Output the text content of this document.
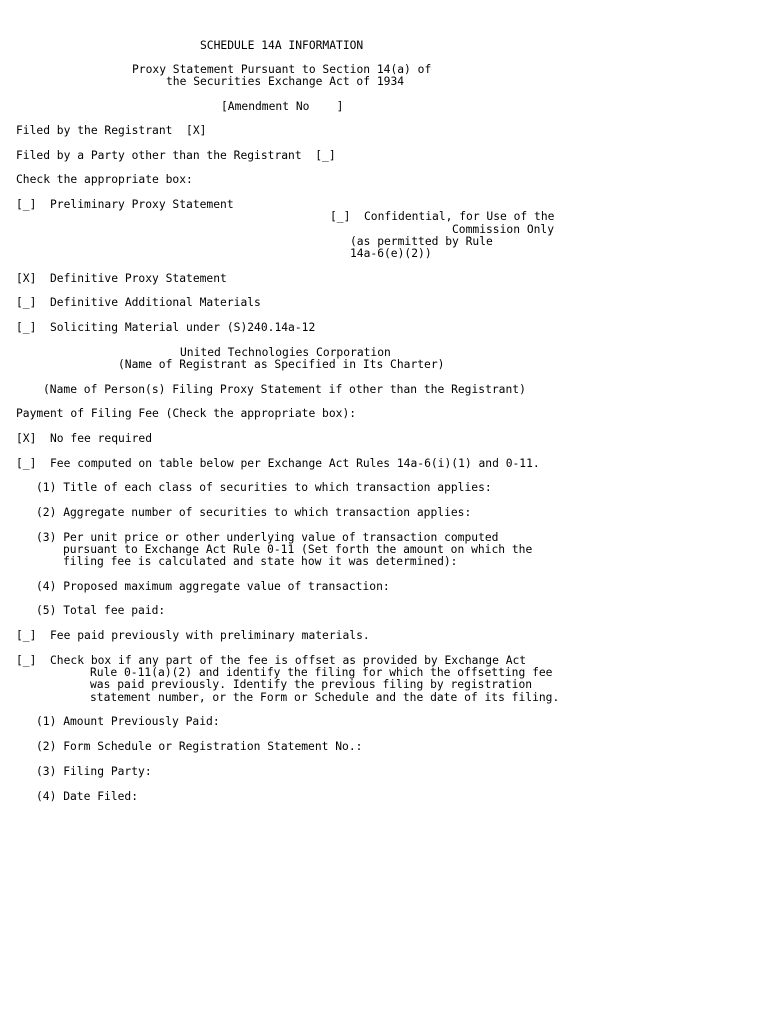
SCHEDULE 14A INFORMATION
Proxy Statement Pursuant to Section 14(a) of
the Securities Exchange Act of 1934
[Amendment No    ]
Filed by the Registrant  [X]
Filed by a Party other than the Registrant  [_]
Check the appropriate box:
[_]  Preliminary Proxy Statement
[_]  Confidential, for Use of the
Commission Only
(as permitted by Rule
14a-6(e)(2))
[X]  Definitive Proxy Statement
[_]  Definitive Additional Materials
[_]  Soliciting Material under (S)240.14a-12
United Technologies Corporation
(Name of Registrant as Specified in Its Charter)
(Name of Person(s) Filing Proxy Statement if other than the Registrant)
Payment of Filing Fee (Check the appropriate box):
[X]  No fee required
[_]  Fee computed on table below per Exchange Act Rules 14a-6(i)(1) and 0-11.
(1) Title of each class of securities to which transaction applies:
(2) Aggregate number of securities to which transaction applies:
(3) Per unit price or other underlying value of transaction computed
pursuant to Exchange Act Rule 0-11 (Set forth the amount on which the
filing fee is calculated and state how it was determined):
(4) Proposed maximum aggregate value of transaction:
(5) Total fee paid:
[_]  Fee paid previously with preliminary materials.
[_]  Check box if any part of the fee is offset as provided by Exchange Act
Rule 0-11(a)(2) and identify the filing for which the offsetting fee
was paid previously. Identify the previous filing by registration
statement number, or the Form or Schedule and the date of its filing.
(1) Amount Previously Paid:
(2) Form Schedule or Registration Statement No.:
(3) Filing Party:
(4) Date Filed:
